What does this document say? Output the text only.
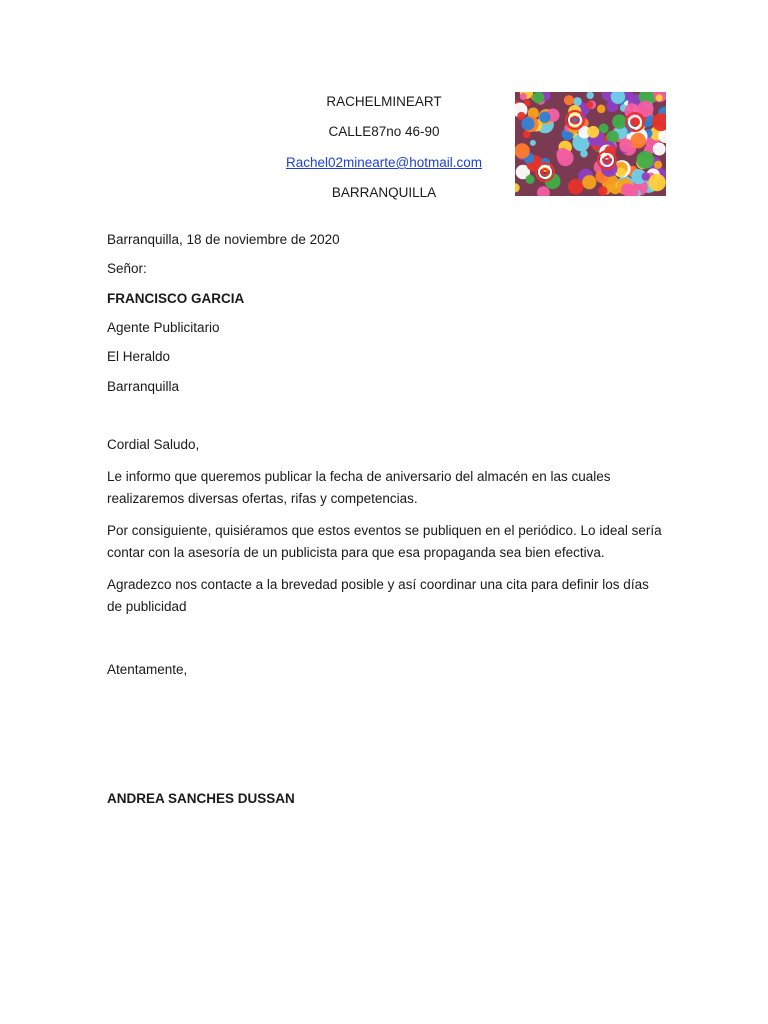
RACHELMINEART
CALLE87no 46-90
Rachel02minearte@hotmail.com
BARRANQUILLA
Barranquilla, 18 de noviembre de 2020
Señor:
FRANCISCO GARCIA
Agente Publicitario
El Heraldo
Barranquilla
Cordial Saludo,
Le informo que queremos publicar la fecha de aniversario del almacén en las cuales realizaremos diversas ofertas, rifas y competencias.
Por consiguiente, quisiéramos que estos eventos se publiquen en el periódico. Lo ideal sería contar con la asesoría de un publicista para que esa propaganda sea bien efectiva.
Agradezco nos contacte a la brevedad posible y así coordinar una cita para definir los días de publicidad
Atentamente,
ANDREA SANCHES DUSSAN
